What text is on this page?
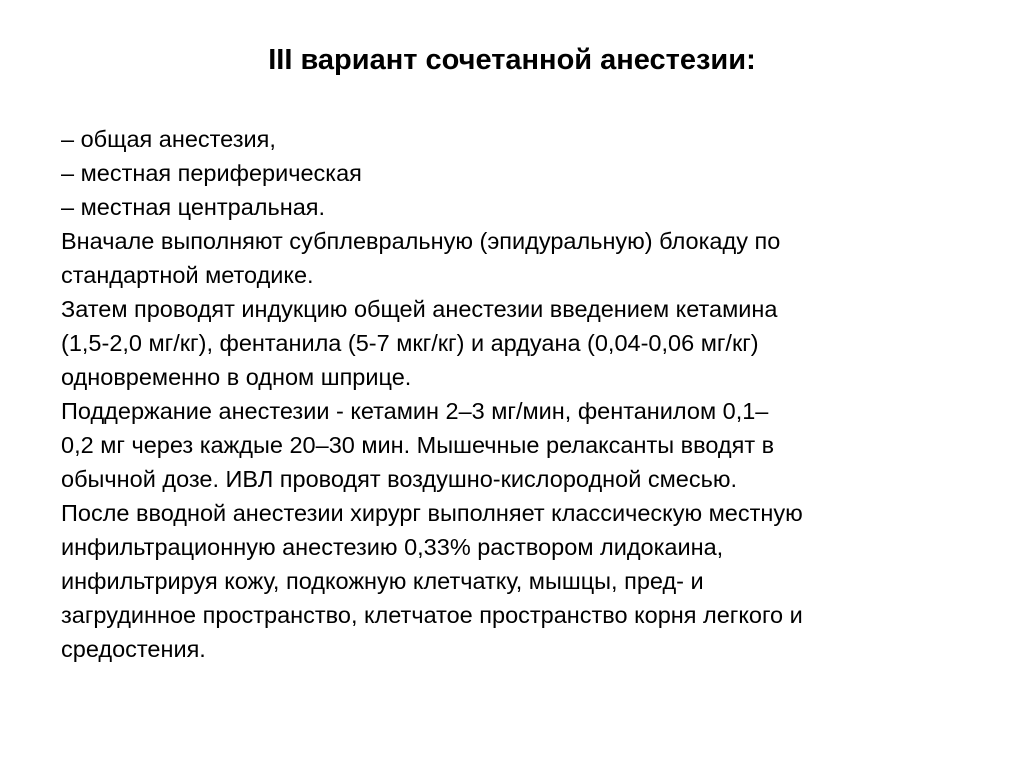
III вариант сочетанной анестезии:
– общая анестезия,
– местная периферическая
– местная центральная.
Вначале выполняют субплевральную (эпидуральную) блокаду по
стандартной методике.
Затем проводят индукцию общей анестезии введением кетамина
(1,5-2,0 мг/кг), фентанила (5-7 мкг/кг) и ардуана (0,04-0,06 мг/кг)
одновременно в одном шприце.
Поддержание анестезии - кетамин 2–3 мг/мин, фентанилом 0,1–
0,2 мг через каждые 20–30 мин. Мышечные релаксанты вводят в
обычной дозе. ИВЛ проводят воздушно-кислородной смесью.
После вводной анестезии хирург выполняет классическую местную
инфильтрационную анестезию 0,33% раствором лидокаина,
инфильтрируя кожу, подкожную клетчатку, мышцы, пред- и
загрудинное пространство, клетчатое пространство корня легкого и
средостения.
